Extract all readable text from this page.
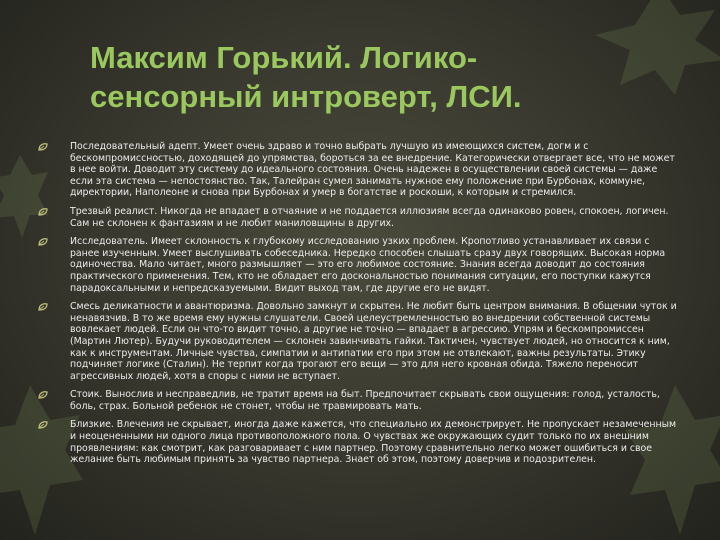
Максим Горький. Логико-
сенсорный интроверт, ЛСИ.
Последовательный адепт. Умеет очень здраво и точно выбрать лучшую из имеющихся систем, догм и с бескомпромиссностью, доходящей до упрямства, бороться за ее внедрение. Категорически отвергает все, что не может в нее войти. Доводит эту систему до идеального состояния. Очень надежен в осуществлении своей системы — даже если эта система — непостоянство. Так, Талейран сумел занимать нужное ему положение при Бурбонах, коммуне, директории, Наполеоне и снова при Бурбонах и умер в богатстве и роскоши, к которым и стремился.
Трезвый реалист. Никогда не впадает в отчаяние и не поддается иллюзиям всегда одинаково ровен, спокоен, логичен. Сам не склонен к фантазиям и не любит маниловщины в других.
Исследователь. Имеет склонность к глубокому исследованию узких проблем. Кропотливо устанавливает их связи с ранее изученным. Умеет выслушивать собеседника. Нередко способен слышать сразу двух говорящих. Высокая норма одиночества. Мало читает, много размышляет — это его любимое состояние. Знания всегда доводит до состояния практического применения. Тем, кто не обладает его доскональностью понимания ситуации, его поступки кажутся парадоксальными и непредсказуемыми. Видит выход там, где другие его не видят.
Смесь деликатности и авантюризма. Довольно замкнут и скрытен. Не любит быть центром внимания. В общении чуток и ненавязчив. В то же время ему нужны слушатели. Своей целеустремленностью во внедрении собственной системы вовлекает людей. Если он что-то видит точно, а другие не точно — впадает в агрессию. Упрям и бескомпромиссен (Мартин Лютер). Будучи руководителем — склонен завинчивать гайки. Тактичен, чувствует людей, но относится к ним, как к инструментам. Личные чувства, симпатии и антипатии его при этом не отвлекают, важны результаты. Этику подчиняет логике (Сталин). Не терпит когда трогают его вещи — это для него кровная обида. Тяжело переносит агрессивных людей, хотя в споры с ними не вступает.
Стоик. Вынослив и несправедлив, не тратит время на быт. Предпочитает скрывать свои ощущения: голод, усталость, боль, страх. Больной ребенок не стонет, чтобы не травмировать мать.
Близкие. Влечения не скрывает, иногда даже кажется, что специально их демонстрирует. Не пропускает незамеченным и неоцененными ни одного лица противоположного пола. О чувствах же окружающих судит только по их внешним проявлениям: как смотрит, как разговаривает с ним партнер. Поэтому сравнительно легко может ошибиться и свое желание быть любимым принять за чувство партнера. Знает об этом, поэтому доверчив и подозрителен.
